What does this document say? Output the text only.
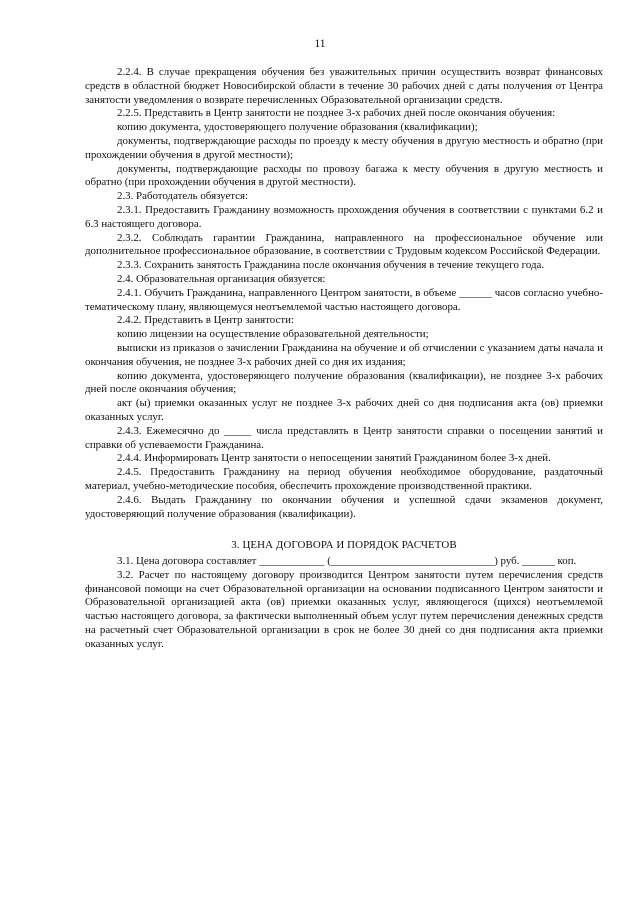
11

2.2.4. В случае прекращения обучения без уважительных причин осуществить возврат финансовых средств в областной бюджет Новосибирской области в течение 30 рабочих дней с даты получения от Центра занятости уведомления о возврате перечисленных Образовательной организации средств.

2.2.5. Представить в Центр занятости не позднее 3-х рабочих дней после окончания обучения:

копию документа, удостоверяющего получение образования (квалификации);

документы, подтверждающие расходы по проезду к месту обучения в другую местность и обратно (при прохождении обучения в другой местности);

документы, подтверждающие расходы по провозу багажа к месту обучения в другую местность и обратно (при прохождении обучения в другой местности).

2.3. Работодатель обязуется:

2.3.1. Предоставить Гражданину возможность прохождения обучения в соответствии с пунктами 6.2 и 6.3 настоящего договора.

2.3.2. Соблюдать гарантии Гражданина, направленного на профессиональное обучение или дополнительное профессиональное образование, в соответствии с Трудовым кодексом Российской Федерации.

2.3.3. Сохранить занятость Гражданина после окончания обучения в течение текущего года.

2.4. Образовательная организация обязуется:

2.4.1. Обучить Гражданина, направленного Центром занятости, в объеме ______ часов согласно учебно-тематическому плану, являющемуся неотъемлемой частью настоящего договора.

2.4.2. Представить в Центр занятости:

копию лицензии на осуществление образовательной деятельности;

выписки из приказов о зачислении Гражданина на обучение и об отчислении с указанием даты начала и окончания обучения, не позднее 3-х рабочих дней со дня их издания;

копию документа, удостоверяющего получение образования (квалификации), не позднее 3-х рабочих дней после окончания обучения;

акт (ы) приемки оказанных услуг не позднее 3-х рабочих дней со дня подписания акта (ов) приемки оказанных услуг.

2.4.3. Ежемесячно до _____ числа представлять в Центр занятости справки о посещении занятий и справки об успеваемости Гражданина.

2.4.4. Информировать Центр занятости о непосещении занятий Гражданином более 3-х дней.

2.4.5. Предоставить Гражданину на период обучения необходимое оборудование, раздаточный материал, учебно-методические пособия, обеспечить прохождение производственной практики.

2.4.6. Выдать Гражданину по окончании обучения и успешной сдачи экзаменов документ, удостоверяющий получение образования (квалификации).

3. ЦЕНА ДОГОВОРА И ПОРЯДОК РАСЧЕТОВ

3.1. Цена договора составляет ____________ (______________________________) руб. ______ коп.

3.2. Расчет по настоящему договору производится Центром занятости путем перечисления средств финансовой помощи на счет Образовательной организации на основании подписанного Центром занятости и Образовательной организацией акта (ов) приемки оказанных услуг, являющегося (щихся) неотъемлемой частью настоящего договора, за фактически выполненный объем услуг путем перечисления денежных средств на расчетный счет Образовательной организации в срок не более 30 дней со дня подписания акта приемки оказанных услуг.
